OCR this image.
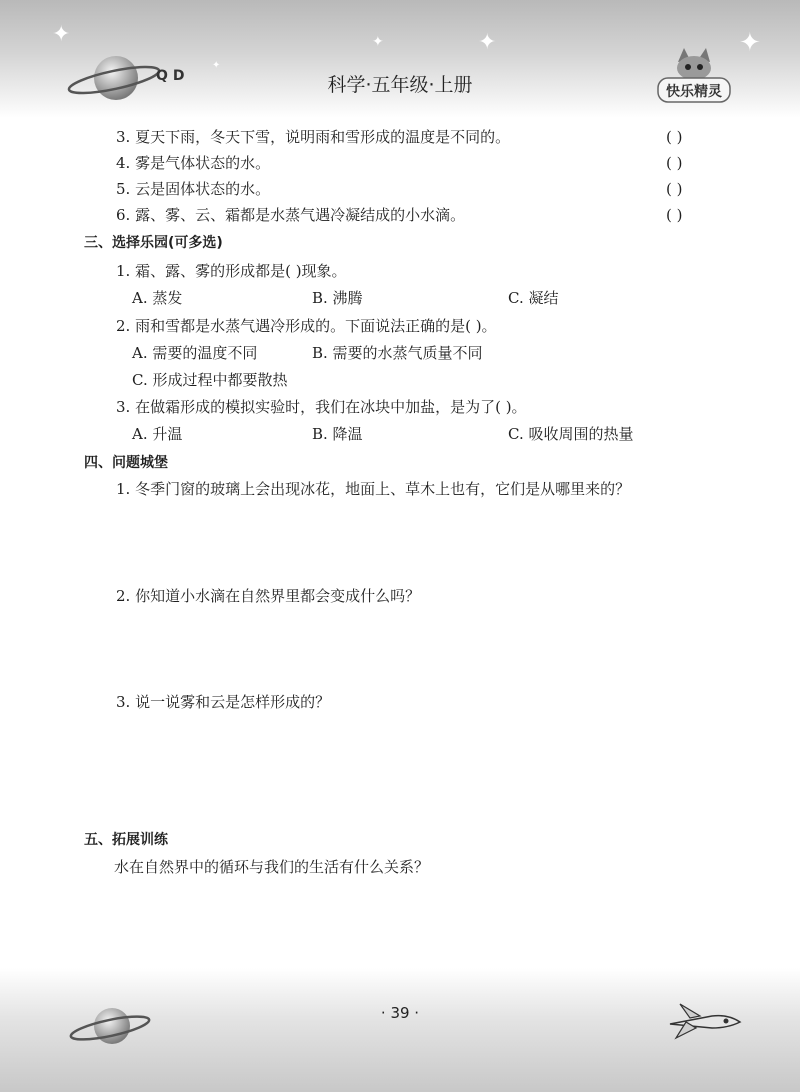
✦	✦	✦	✦
✦
QD	科学·五年级·上册	快乐精灵
3. 夏天下雨，冬天下雪，说明雨和雪形成的温度是不同的。	( )
4. 雾是气体状态的水。	( )
5. 云是固体状态的水。	( )
6. 露、雾、云、霜都是水蒸气遇冷凝结成的小水滴。	( )
三、选择乐园(可多选)
1. 霜、露、雾的形成都是( )现象。
A. 蒸发	B. 沸腾	C. 凝结
2. 雨和雪都是水蒸气遇冷形成的。下面说法正确的是( )。
A. 需要的温度不同	B. 需要的水蒸气质量不同
C. 形成过程中都要散热
3. 在做霜形成的模拟实验时，我们在冰块中加盐，是为了( )。
A. 升温	B. 降温	C. 吸收周围的热量
四、问题城堡
1. 冬季门窗的玻璃上会出现冰花，地面上、草木上也有，它们是从哪里来的？
2. 你知道小水滴在自然界里都会变成什么吗？
3. 说一说雾和云是怎样形成的？
五、拓展训练
水在自然界中的循环与我们的生活有什么关系？
· 39 ·
